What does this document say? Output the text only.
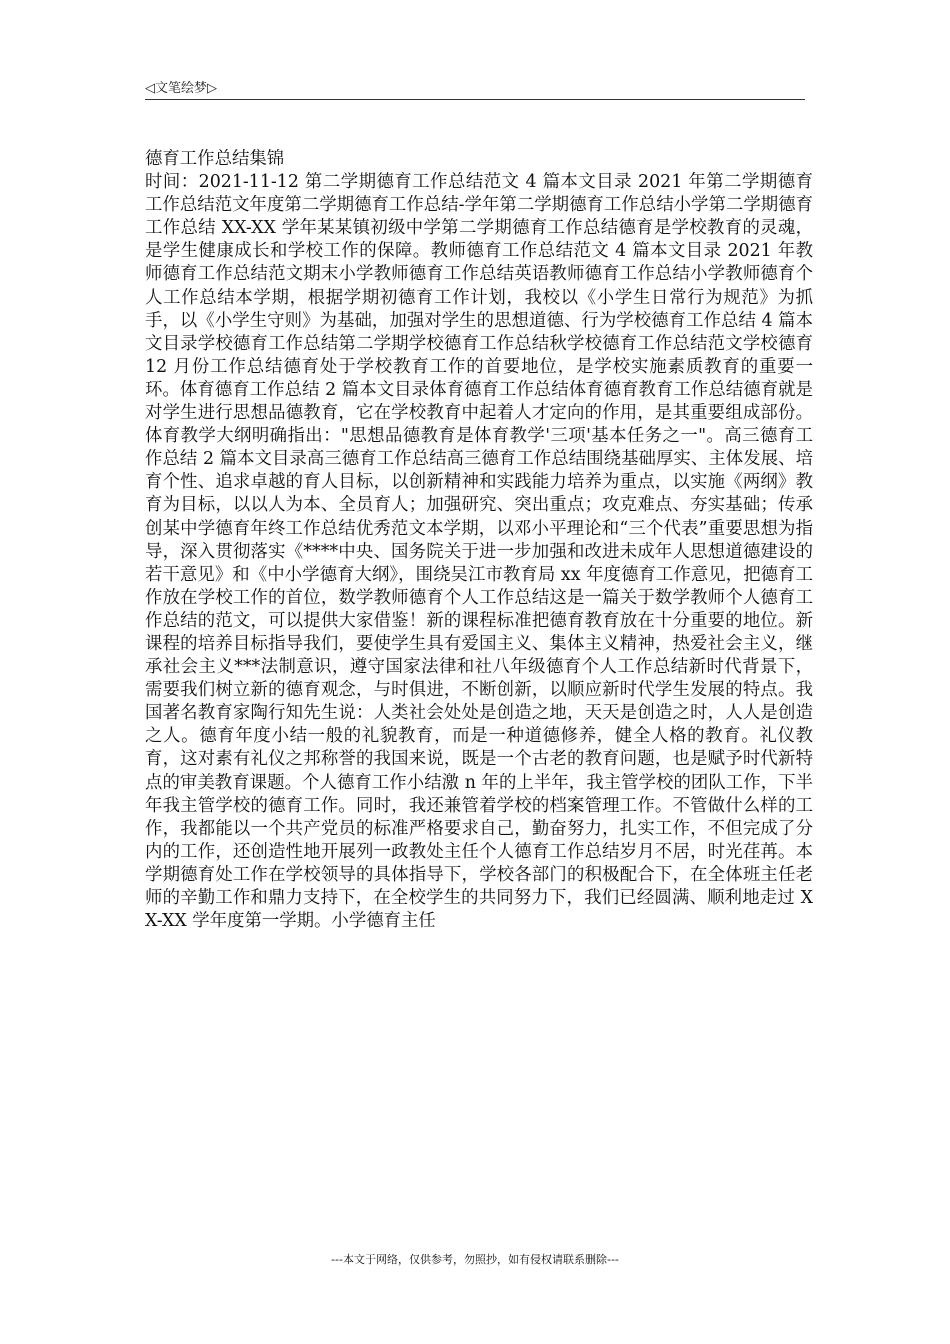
◁文笔绘梦▷
德育工作总结集锦
时间：2021-11-12 第二学期德育工作总结范文 4 篇本文目录 2021 年第二学期德育工作总结范文年度第二学期德育工作总结-学年第二学期德育工作总结小学第二学期德育工作总结 XX-XX 学年某某镇初级中学第二学期德育工作总结德育是学校教育的灵魂，是学生健康成长和学校工作的保障。教师德育工作总结范文 4 篇本文目录 2021 年教师德育工作总结范文期末小学教师德育工作总结英语教师德育工作总结小学教师德育个人工作总结本学期，根据学期初德育工作计划，我校以《小学生日常行为规范》为抓手，以《小学生守则》为基础，加强对学生的思想道德、行为学校德育工作总结 4 篇本文目录学校德育工作总结第二学期学校德育工作总结秋学校德育工作总结范文学校德育 12 月份工作总结德育处于学校教育工作的首要地位，是学校实施素质教育的重要一环。体育德育工作总结 2 篇本文目录体育德育工作总结体育德育教育工作总结德育就是对学生进行思想品德教育，它在学校教育中起着人才定向的作用，是其重要组成部份。体育教学大纲明确指出："思想品德教育是体育教学'三项'基本任务之一"。高三德育工作总结 2 篇本文目录高三德育工作总结高三德育工作总结围绕基础厚实、主体发展、培育个性、追求卓越的育人目标，以创新精神和实践能力培养为重点，以实施《两纲》教育为目标，以以人为本、全员育人；加强研究、突出重点；攻克难点、夯实基础；传承创某中学德育年终工作总结优秀范文本学期，以邓小平理论和“三个代表”重要思想为指导，深入贯彻落实《****中央、国务院关于进一步加强和改进未成年人思想道德建设的若干意见》和《中小学德育大纲》，围绕吴江市教育局 xx 年度德育工作意见，把德育工作放在学校工作的首位，数学教师德育个人工作总结这是一篇关于数学教师个人德育工作总结的范文，可以提供大家借鉴！新的课程标准把德育教育放在十分重要的地位。新课程的培养目标指导我们，要使学生具有爱国主义、集体主义精神，热爱社会主义，继承社会主义***法制意识，遵守国家法律和社八年级德育个人工作总结新时代背景下，需要我们树立新的德育观念，与时俱进，不断创新，以顺应新时代学生发展的特点。我国著名教育家陶行知先生说：人类社会处处是创造之地，天天是创造之时，人人是创造之人。德育年度小结一般的礼貌教育，而是一种道德修养，健全人格的教育。礼仪教育，这对素有礼仪之邦称誉的我国来说，既是一个古老的教育问题，也是赋予时代新特点的审美教育课题。个人德育工作小结激 n 年的上半年，我主管学校的团队工作，下半年我主管学校的德育工作。同时，我还兼管着学校的档案管理工作。不管做什么样的工作，我都能以一个共产党员的标准严格要求自己，勤奋努力，扎实工作，不但完成了分内的工作，还创造性地开展列一政教处主任个人德育工作总结岁月不居，时光荏苒。本学期德育处工作在学校领导的具体指导下，学校各部门的积极配合下，在全体班主任老师的辛勤工作和鼎力支持下，在全校学生的共同努力下，我们已经圆满、顺利地走过 XX-XX 学年度第一学期。小学德育主任
---本文于网络，仅供参考，勿照抄，如有侵权请联系删除---
